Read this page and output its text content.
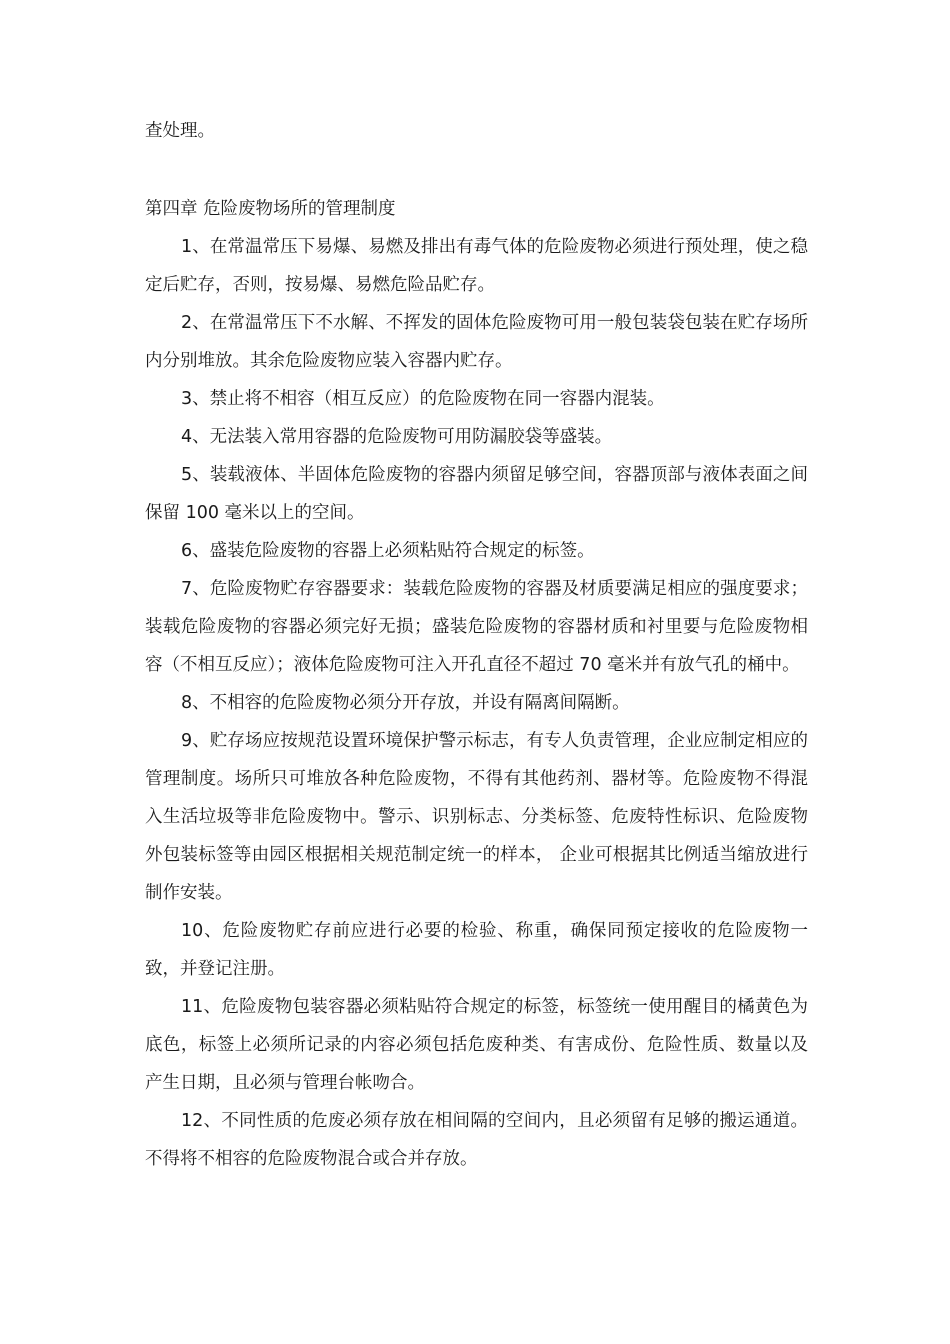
查处理。

第四章 危险废物场所的管理制度

1、在常温常压下易爆、易燃及排出有毒气体的危险废物必须进行预处理，使之稳定后贮存，否则，按易爆、易燃危险品贮存。

2、在常温常压下不水解、不挥发的固体危险废物可用一般包装袋包装在贮存场所内分别堆放。其余危险废物应装入容器内贮存。

3、禁止将不相容（相互反应）的危险废物在同一容器内混装。

4、无法装入常用容器的危险废物可用防漏胶袋等盛装。

5、装载液体、半固体危险废物的容器内须留足够空间，容器顶部与液体表面之间保留 100 毫米以上的空间。

6、盛装危险废物的容器上必须粘贴符合规定的标签。

7、危险废物贮存容器要求：装载危险废物的容器及材质要满足相应的强度要求；装载危险废物的容器必须完好无损；盛装危险废物的容器材质和衬里要与危险废物相容（不相互反应）；液体危险废物可注入开孔直径不超过 70 毫米并有放气孔的桶中。

8、不相容的危险废物必须分开存放，并设有隔离间隔断。

9、贮存场应按规范设置环境保护警示标志，有专人负责管理，企业应制定相应的管理制度。场所只可堆放各种危险废物，不得有其他药剂、器材等。危险废物不得混入生活垃圾等非危险废物中。警示、识别标志、分类标签、危废特性标识、危险废物外包装标签等由园区根据相关规范制定统一的样本， 企业可根据其比例适当缩放进行制作安装。

10、危险废物贮存前应进行必要的检验、称重，确保同预定接收的危险废物一致，并登记注册。

11、危险废物包装容器必须粘贴符合规定的标签，标签统一使用醒目的橘黄色为底色，标签上必须所记录的内容必须包括危废种类、有害成份、危险性质、数量以及产生日期，且必须与管理台帐吻合。

12、不同性质的危废必须存放在相间隔的空间内，且必须留有足够的搬运通道。不得将不相容的危险废物混合或合并存放。
